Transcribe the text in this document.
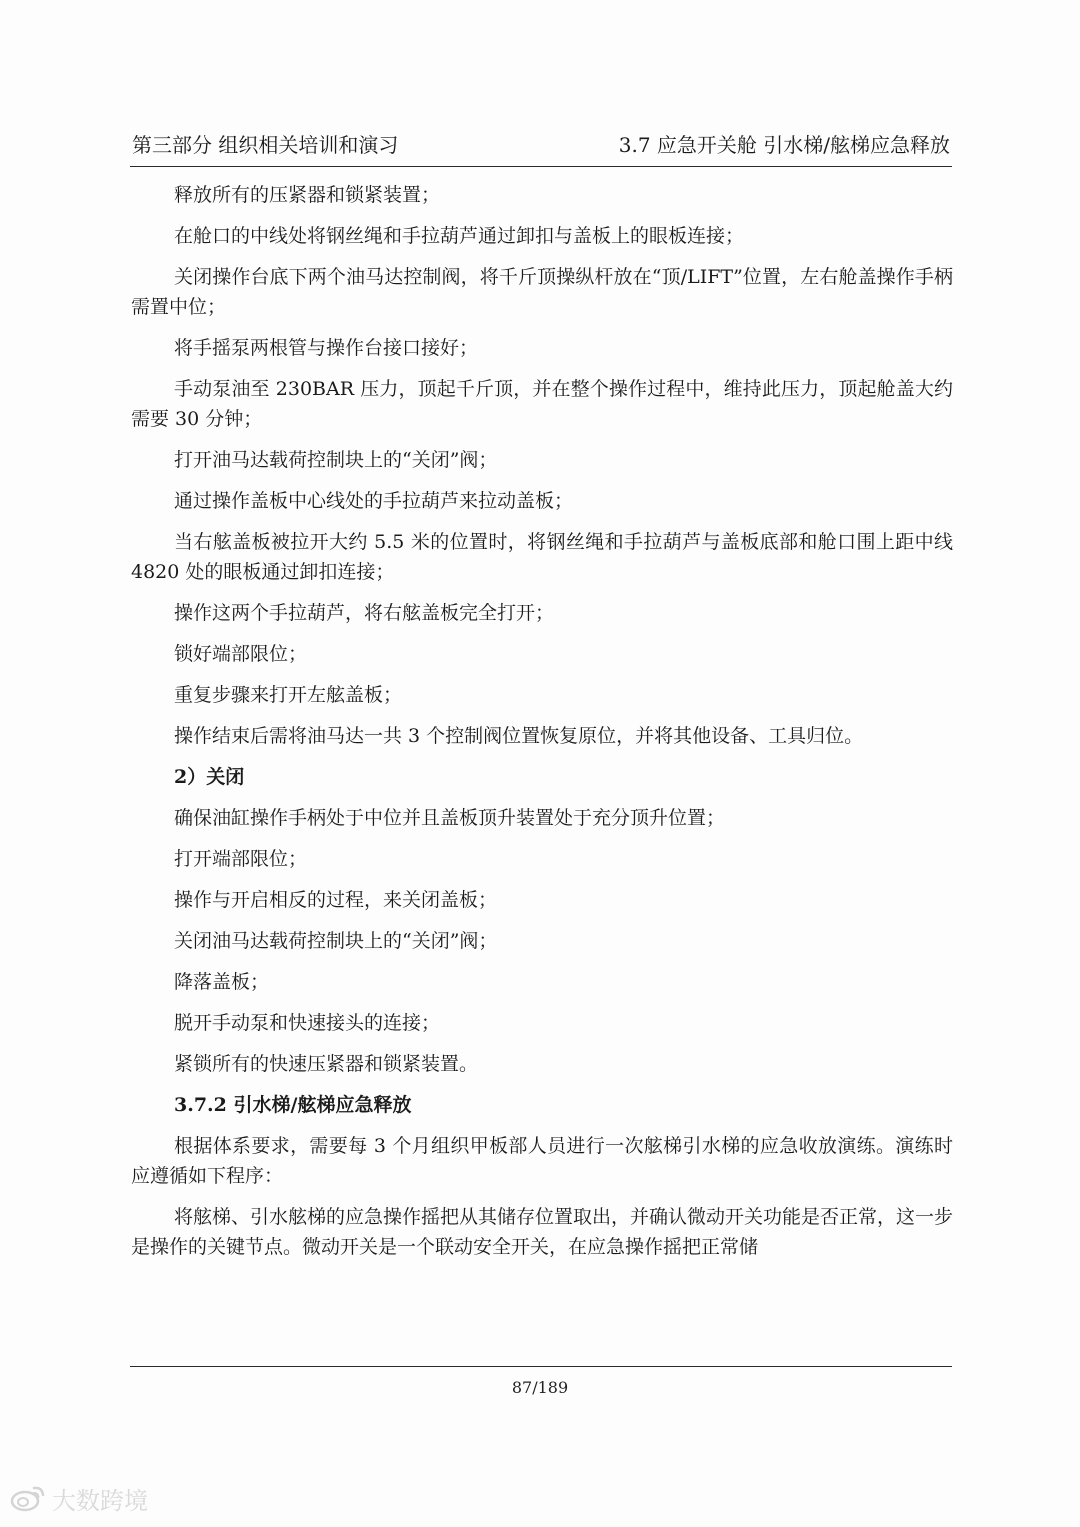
第三部分 组织相关培训和演习	3.7 应急开关舱 引水梯/舷梯应急释放

释放所有的压紧器和锁紧装置；

在舱口的中线处将钢丝绳和手拉葫芦通过卸扣与盖板上的眼板连接；

关闭操作台底下两个油马达控制阀，将千斤顶操纵杆放在“顶/LIFT”位置，左右舱盖操作手柄需置中位；

将手摇泵两根管与操作台接口接好；

手动泵油至 230BAR 压力，顶起千斤顶，并在整个操作过程中，维持此压力，顶起舱盖大约需要 30 分钟；

打开油马达载荷控制块上的“关闭”阀；

通过操作盖板中心线处的手拉葫芦来拉动盖板；

当右舷盖板被拉开大约 5.5 米的位置时，将钢丝绳和手拉葫芦与盖板底部和舱口围上距中线 4820 处的眼板通过卸扣连接；

操作这两个手拉葫芦，将右舷盖板完全打开；

锁好端部限位；

重复步骤来打开左舷盖板；

操作结束后需将油马达一共 3 个控制阀位置恢复原位，并将其他设备、工具归位。

2）关闭

确保油缸操作手柄处于中位并且盖板顶升装置处于充分顶升位置；

打开端部限位；

操作与开启相反的过程，来关闭盖板；

关闭油马达载荷控制块上的“关闭”阀；

降落盖板；

脱开手动泵和快速接头的连接；

紧锁所有的快速压紧器和锁紧装置。

3.7.2 引水梯/舷梯应急释放

根据体系要求，需要每 3 个月组织甲板部人员进行一次舷梯引水梯的应急收放演练。演练时应遵循如下程序：

将舷梯、引水舷梯的应急操作摇把从其储存位置取出，并确认微动开关功能是否正常，这一步是操作的关键节点。微动开关是一个联动安全开关，在应急操作摇把正常储

87/189
大数跨境
